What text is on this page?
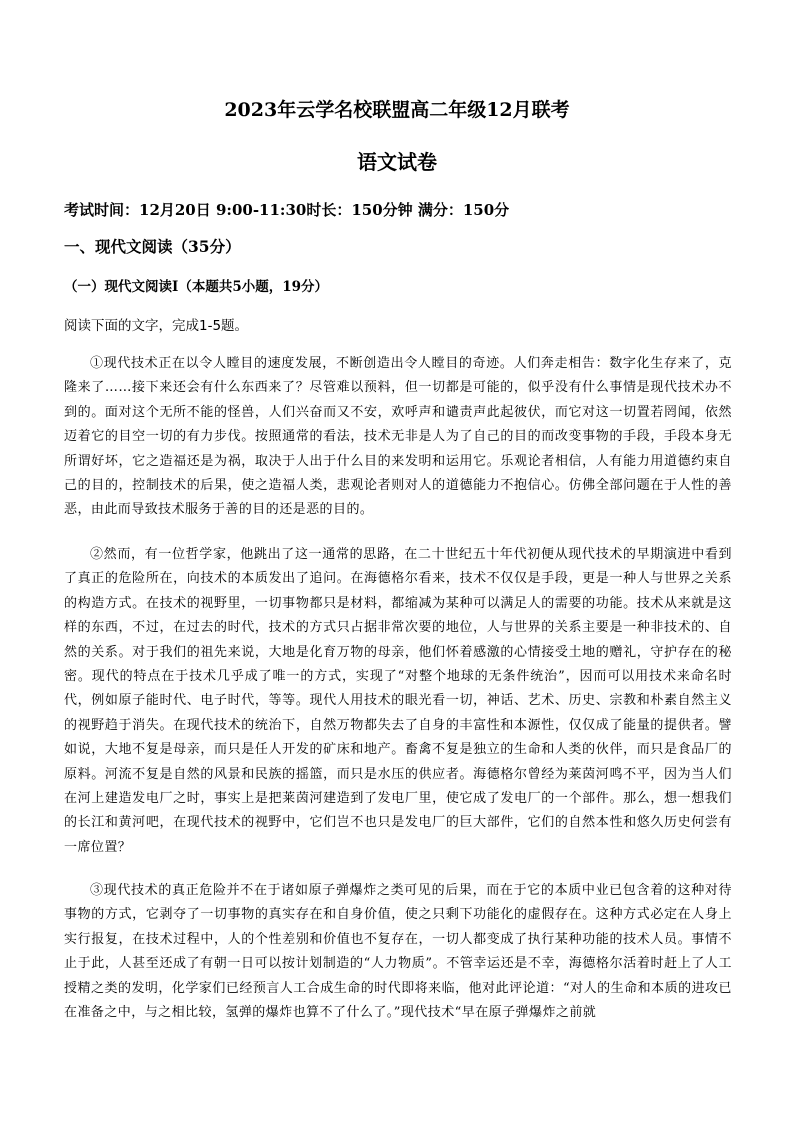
2023年云学名校联盟高二年级12月联考
语文试卷
考试时间：12月20日 9:00-11:30时长：150分钟 满分：150分
一、现代文阅读（35分）
（一）现代文阅读Ⅰ（本题共5小题，19分）
阅读下面的文字，完成1-5题。

①现代技术正在以令人瞠目的速度发展，不断创造出令人瞠目的奇迹。人们奔走相告：数字化生存来了，克隆来了……接下来还会有什么东西来了？尽管难以预料，但一切都是可能的，似乎没有什么事情是现代技术办不到的。面对这个无所不能的怪兽，人们兴奋而又不安，欢呼声和谴责声此起彼伏，而它对这一切置若罔闻，依然迈着它的目空一切的有力步伐。按照通常的看法，技术无非是人为了自己的目的而改变事物的手段，手段本身无所谓好坏，它之造福还是为祸，取决于人出于什么目的来发明和运用它。乐观论者相信，人有能力用道德约束自己的目的，控制技术的后果，使之造福人类，悲观论者则对人的道德能力不抱信心。仿佛全部问题在于人性的善恶，由此而导致技术服务于善的目的还是恶的目的。

②然而，有一位哲学家，他跳出了这一通常的思路，在二十世纪五十年代初便从现代技术的早期演进中看到了真正的危险所在，向技术的本质发出了追问。在海德格尔看来，技术不仅仅是手段，更是一种人与世界之关系的构造方式。在技术的视野里，一切事物都只是材料，都缩减为某种可以满足人的需要的功能。技术从来就是这样的东西，不过，在过去的时代，技术的方式只占据非常次要的地位，人与世界的关系主要是一种非技术的、自然的关系。对于我们的祖先来说，大地是化育万物的母亲，他们怀着感激的心情接受土地的赠礼，守护存在的秘密。现代的特点在于技术几乎成了唯一的方式，实现了“对整个地球的无条件统治”，因而可以用技术来命名时代，例如原子能时代、电子时代，等等。现代人用技术的眼光看一切，神话、艺术、历史、宗教和朴素自然主义的视野趋于消失。在现代技术的统治下，自然万物都失去了自身的丰富性和本源性，仅仅成了能量的提供者。譬如说，大地不复是母亲，而只是任人开发的矿床和地产。畜禽不复是独立的生命和人类的伙伴，而只是食品厂的原料。河流不复是自然的风景和民族的摇篮，而只是水压的供应者。海德格尔曾经为莱茵河鸣不平，因为当人们在河上建造发电厂之时，事实上是把莱茵河建造到了发电厂里，使它成了发电厂的一个部件。那么，想一想我们的长江和黄河吧，在现代技术的视野中，它们岂不也只是发电厂的巨大部件，它们的自然本性和悠久历史何尝有一席位置？

③现代技术的真正危险并不在于诸如原子弹爆炸之类可见的后果，而在于它的本质中业已包含着的这种对待事物的方式，它剥夺了一切事物的真实存在和自身价值，使之只剩下功能化的虚假存在。这种方式必定在人身上实行报复，在技术过程中，人的个性差别和价值也不复存在，一切人都变成了执行某种功能的技术人员。事情不止于此，人甚至还成了有朝一日可以按计划制造的“人力物质”。不管幸运还是不幸，海德格尔活着时赶上了人工授精之类的发明，化学家们已经预言人工合成生命的时代即将来临，他对此评论道：“对人的生命和本质的进攻已在准备之中，与之相比较，氢弹的爆炸也算不了什么了。”现代技术“早在原子弹爆炸之前就
